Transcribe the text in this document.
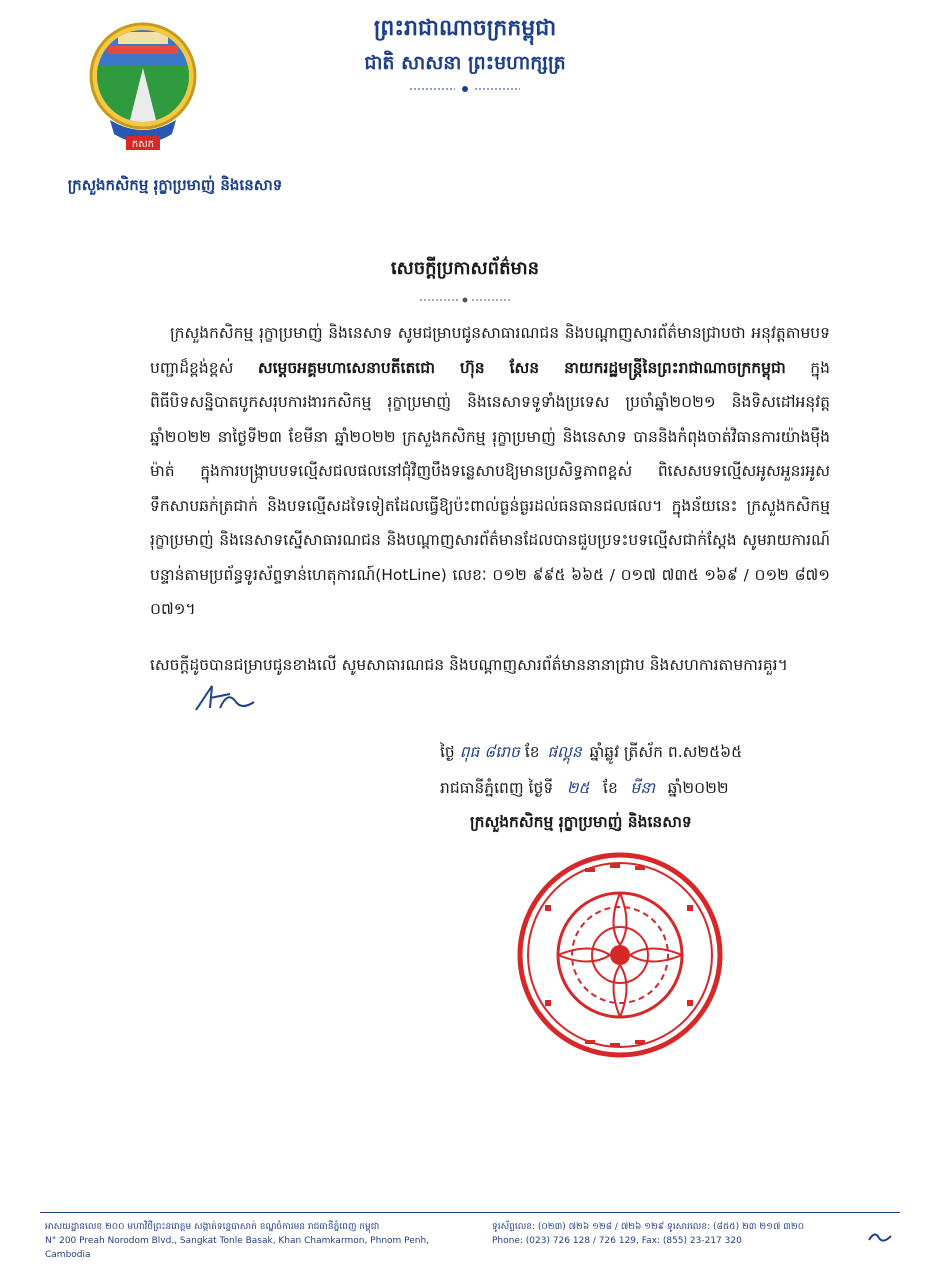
ព្រះរាជាណាចក្រកម្ពុជា
ជាតិ សាសនា ព្រះមហាក្សត្រ
កសក
ក្រសួងកសិកម្ម រុក្ខាប្រមាញ់ និងនេសាទ
សេចក្តីប្រកាសព័ត៌មាន
ក្រសួងកសិកម្ម រុក្ខាប្រមាញ់ និងនេសាទ សូមជម្រាបជូនសាធារណជន និងបណ្តាញសារព័ត៌មានជ្រាបថា អនុវត្តតាមបទបញ្ជាដ៏ខ្ពង់ខ្ពស់ សម្តេចអគ្គមហាសេនាបតីតេជោ ហ៊ុន សែន នាយករដ្ឋមន្ត្រីនៃព្រះរាជាណាចក្រកម្ពុជា ក្នុងពិធីបិទសន្និបាតបូកសរុបការងារកសិកម្ម រុក្ខាប្រមាញ់ និងនេសាទទូទាំងប្រទេស ប្រចាំឆ្នាំ២០២១ និងទិសដៅអនុវត្តឆ្នាំ២០២២ នាថ្ងៃទី២៣ ខែមីនា ឆ្នាំ២០២២ ក្រសួងកសិកម្ម រុក្ខាប្រមាញ់ និងនេសាទ បាននិងកំពុងចាត់វិធានការយ៉ាងម៉ឺងម៉ាត់ ក្នុងការបង្ក្រាបបទល្មើសជលផលនៅជុំវិញបឹងទន្លេសាបឱ្យមានប្រសិទ្ធភាពខ្ពស់ ពិសេសបទល្មើសអូសអួនរអូសទឹកសាបឆក់ត្រជាក់ និងបទល្មើសដទៃទៀតដែលធ្វើឱ្យប៉ះពាល់ធ្ងន់ធ្ងរដល់ធនធានជលផល។ ក្នុងន័យនេះ ក្រសួងកសិកម្ម រុក្ខាប្រមាញ់ និងនេសាទស្នើសាធារណជន និងបណ្តាញសារព័ត៌មានដែលបានជួបប្រទះបទល្មើសជាក់ស្តែង សូមរាយការណ៍បន្ទាន់តាមប្រព័ន្ធទូរស័ព្ទទាន់ហេតុការណ៍(HotLine) លេខៈ ០១២ ៩៩៥ ៦៦៥ / ០១៧ ៧៣៥ ១៦៩ / ០១២ ៨៧១ ០៧១។
សេចក្តីដូចបានជម្រាបជូនខាងលើ សូមសាធារណជន និងបណ្តាញសារព័ត៌មាននានាជ្រាប និងសហការតាមការគួរ។
ថ្ងៃ ពុធ ៨រោច ខែ ផល្គុន ឆ្នាំឆ្លូវ ត្រីស័ក ព.ស២៥៦៥
រាជធានីភ្នំពេញ ថ្ងៃទី ២៥ ខែ មីនា ឆ្នាំ២០២២
ក្រសួងកសិកម្ម រុក្ខាប្រមាញ់ និងនេសាទ
អាសយដ្ឋានលេខ ២០០ មហាវិថីព្រះនរោត្តម សង្កាត់ទន្លេបាសាក់ ខណ្ឌចំការមន រាជធានីភ្នំពេញ កម្ពុជា
N° 200 Preah Norodom Blvd., Sangkat Tonle Basak, Khan Chamkarmon, Phnom Penh, Cambodia
ទូរស័ព្ទលេខ: (០២៣) ៧២៦ ១២៨ / ៧២៦ ១២៩ ទូរសារលេខ: (៨៥៥) ២៣ ២១៧ ៣២០
Phone: (023) 726 128 / 726 129, Fax: (855) 23-217 320
